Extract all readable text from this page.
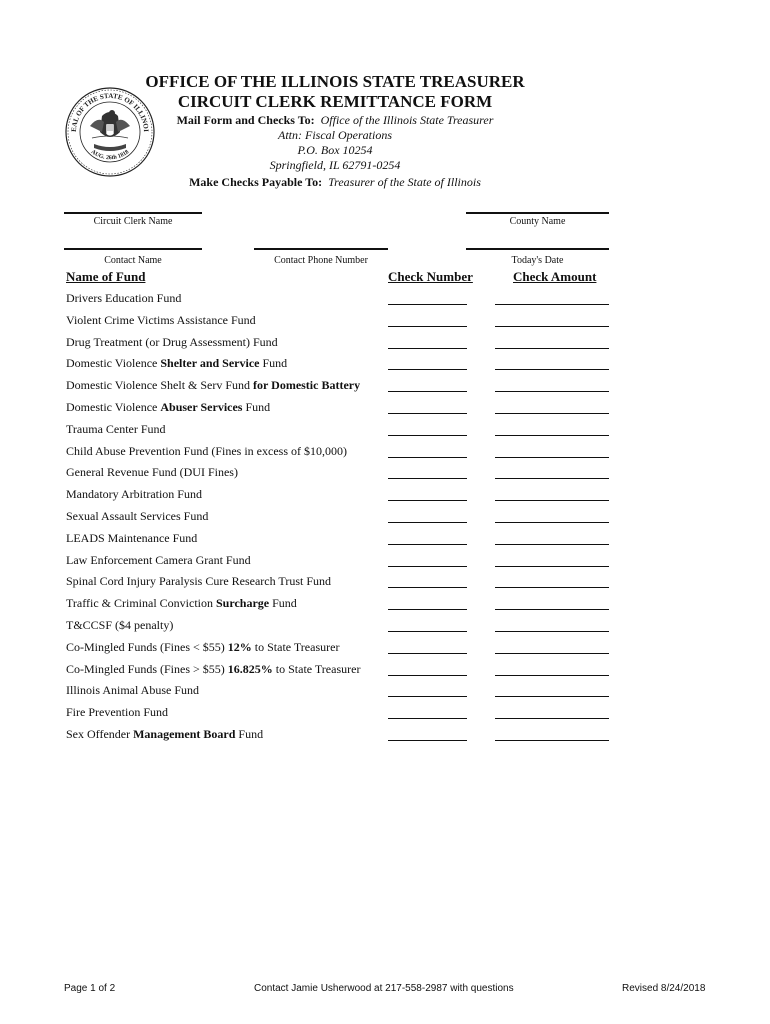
EAL OF THE STATE OF ILLINOI
AUG. 26th 1818
OFFICE OF THE ILLINOIS STATE TREASURER
CIRCUIT CLERK REMITTANCE FORM
Mail Form and Checks To: Office of the Illinois State Treasurer
Attn: Fiscal Operations
P.O. Box 10254
Springfield, IL 62791-0254
Make Checks Payable To: Treasurer of the State of Illinois
Circuit Clerk Name	County Name
Contact Name	Contact Phone Number	Today's Date
Name of Fund	Check Number	Check Amount
Drivers Education Fund
Violent Crime Victims Assistance Fund
Drug Treatment (or Drug Assessment) Fund
Domestic Violence Shelter and Service Fund
Domestic Violence Shelt & Serv Fund for Domestic Battery
Domestic Violence Abuser Services Fund
Trauma Center Fund
Child Abuse Prevention Fund (Fines in excess of $10,000)
General Revenue Fund (DUI Fines)
Mandatory Arbitration Fund
Sexual Assault Services Fund
LEADS Maintenance Fund
Law Enforcement Camera Grant Fund
Spinal Cord Injury Paralysis Cure Research Trust Fund
Traffic & Criminal Conviction Surcharge Fund
T&CCSF ($4 penalty)
Co-Mingled Funds (Fines < $55) 12% to State Treasurer
Co-Mingled Funds (Fines > $55) 16.825% to State Treasurer
Illinois Animal Abuse Fund
Fire Prevention Fund
Sex Offender Management Board Fund
Page 1 of 2	Contact Jamie Usherwood at 217-558-2987 with questions	Revised 8/24/2018
